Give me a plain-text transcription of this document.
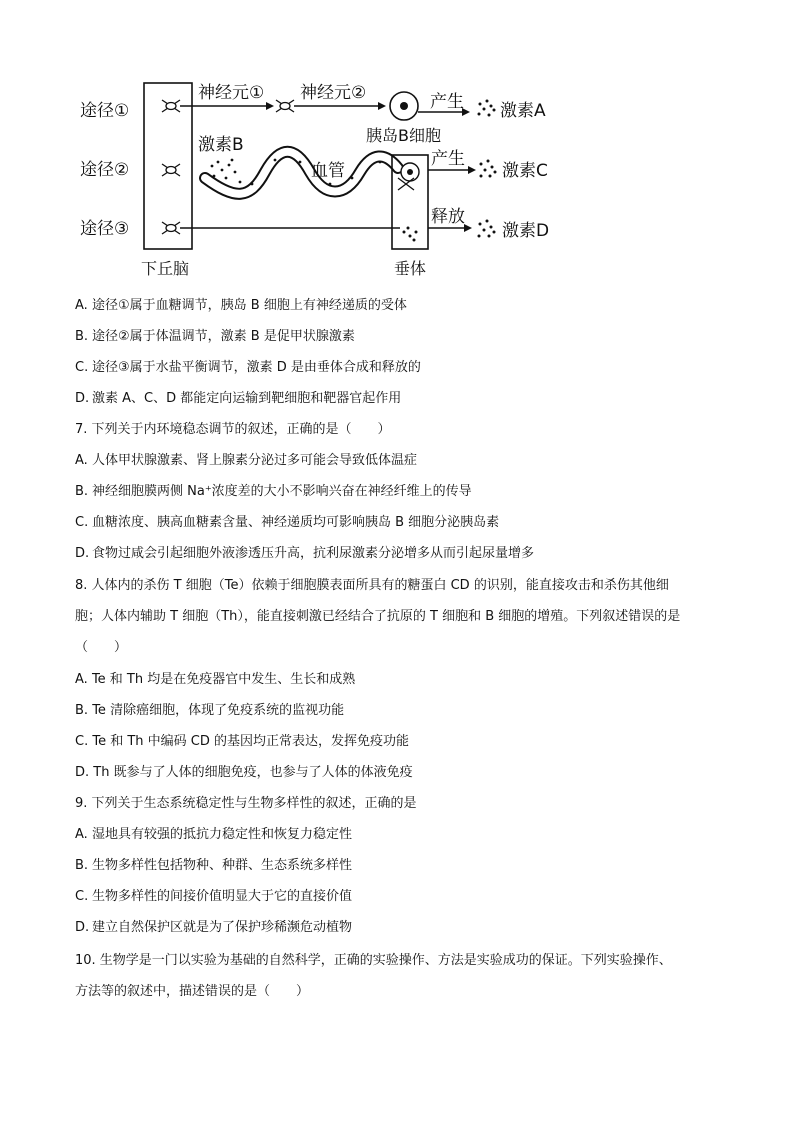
途径①
途径②
途径③
下丘脑
神经元① 神经元②
胰岛B细胞
产生 激素A
激素B
血管
垂体
产生
激素C
释放
激素D
A. 途径①属于血糖调节，胰岛 B 细胞上有神经递质的受体
B. 途径②属于体温调节，激素 B 是促甲状腺激素
C. 途径③属于水盐平衡调节，激素 D 是由垂体合成和释放的
D. 激素 A、C、D 都能定向运输到靶细胞和靶器官起作用
7. 下列关于内环境稳态调节的叙述，正确的是（　　）
A. 人体甲状腺激素、肾上腺素分泌过多可能会导致低体温症
B. 神经细胞膜两侧 Na⁺浓度差的大小不影响兴奋在神经纤维上的传导
C. 血糖浓度、胰高血糖素含量、神经递质均可影响胰岛 B 细胞分泌胰岛素
D. 食物过咸会引起细胞外液渗透压升高，抗利尿激素分泌增多从而引起尿量增多
8. 人体内的杀伤 T 细胞（Te）依赖于细胞膜表面所具有的糖蛋白 CD 的识别，能直接攻击和杀伤其他细
胞；人体内辅助 T 细胞（Th），能直接刺激已经结合了抗原的 T 细胞和 B 细胞的增殖。下列叙述错误的是
（　　）
A. Te 和 Th 均是在免疫器官中发生、生长和成熟
B. Te 清除癌细胞，体现了免疫系统的监视功能
C. Te 和 Th 中编码 CD 的基因均正常表达，发挥免疫功能
D. Th 既参与了人体的细胞免疫，也参与了人体的体液免疫
9. 下列关于生态系统稳定性与生物多样性的叙述，正确的是
A. 湿地具有较强的抵抗力稳定性和恢复力稳定性
B. 生物多样性包括物种、种群、生态系统多样性
C. 生物多样性的间接价值明显大于它的直接价值
D. 建立自然保护区就是为了保护珍稀濒危动植物
10. 生物学是一门以实验为基础的自然科学，正确的实验操作、方法是实验成功的保证。下列实验操作、
方法等的叙述中，描述错误的是（　　）
